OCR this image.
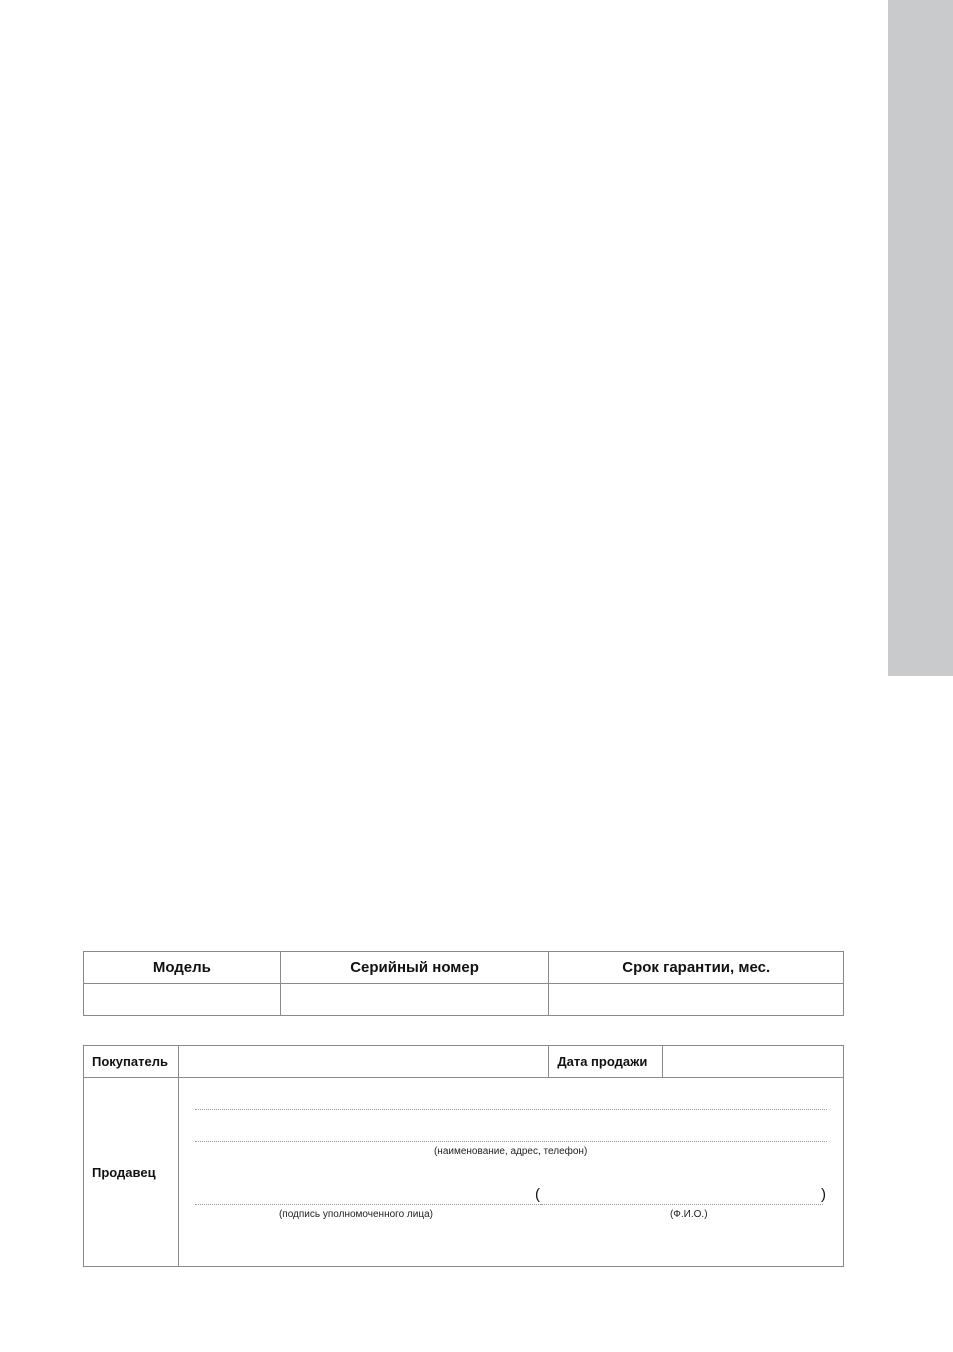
Модель	Серийный номер	Срок гарантии, мес.

Покупатель		Дата продажи	
Продавец	(наименование, адрес, телефон)
( )
(подпись уполномоченного лица) (Ф.И.О.)		
